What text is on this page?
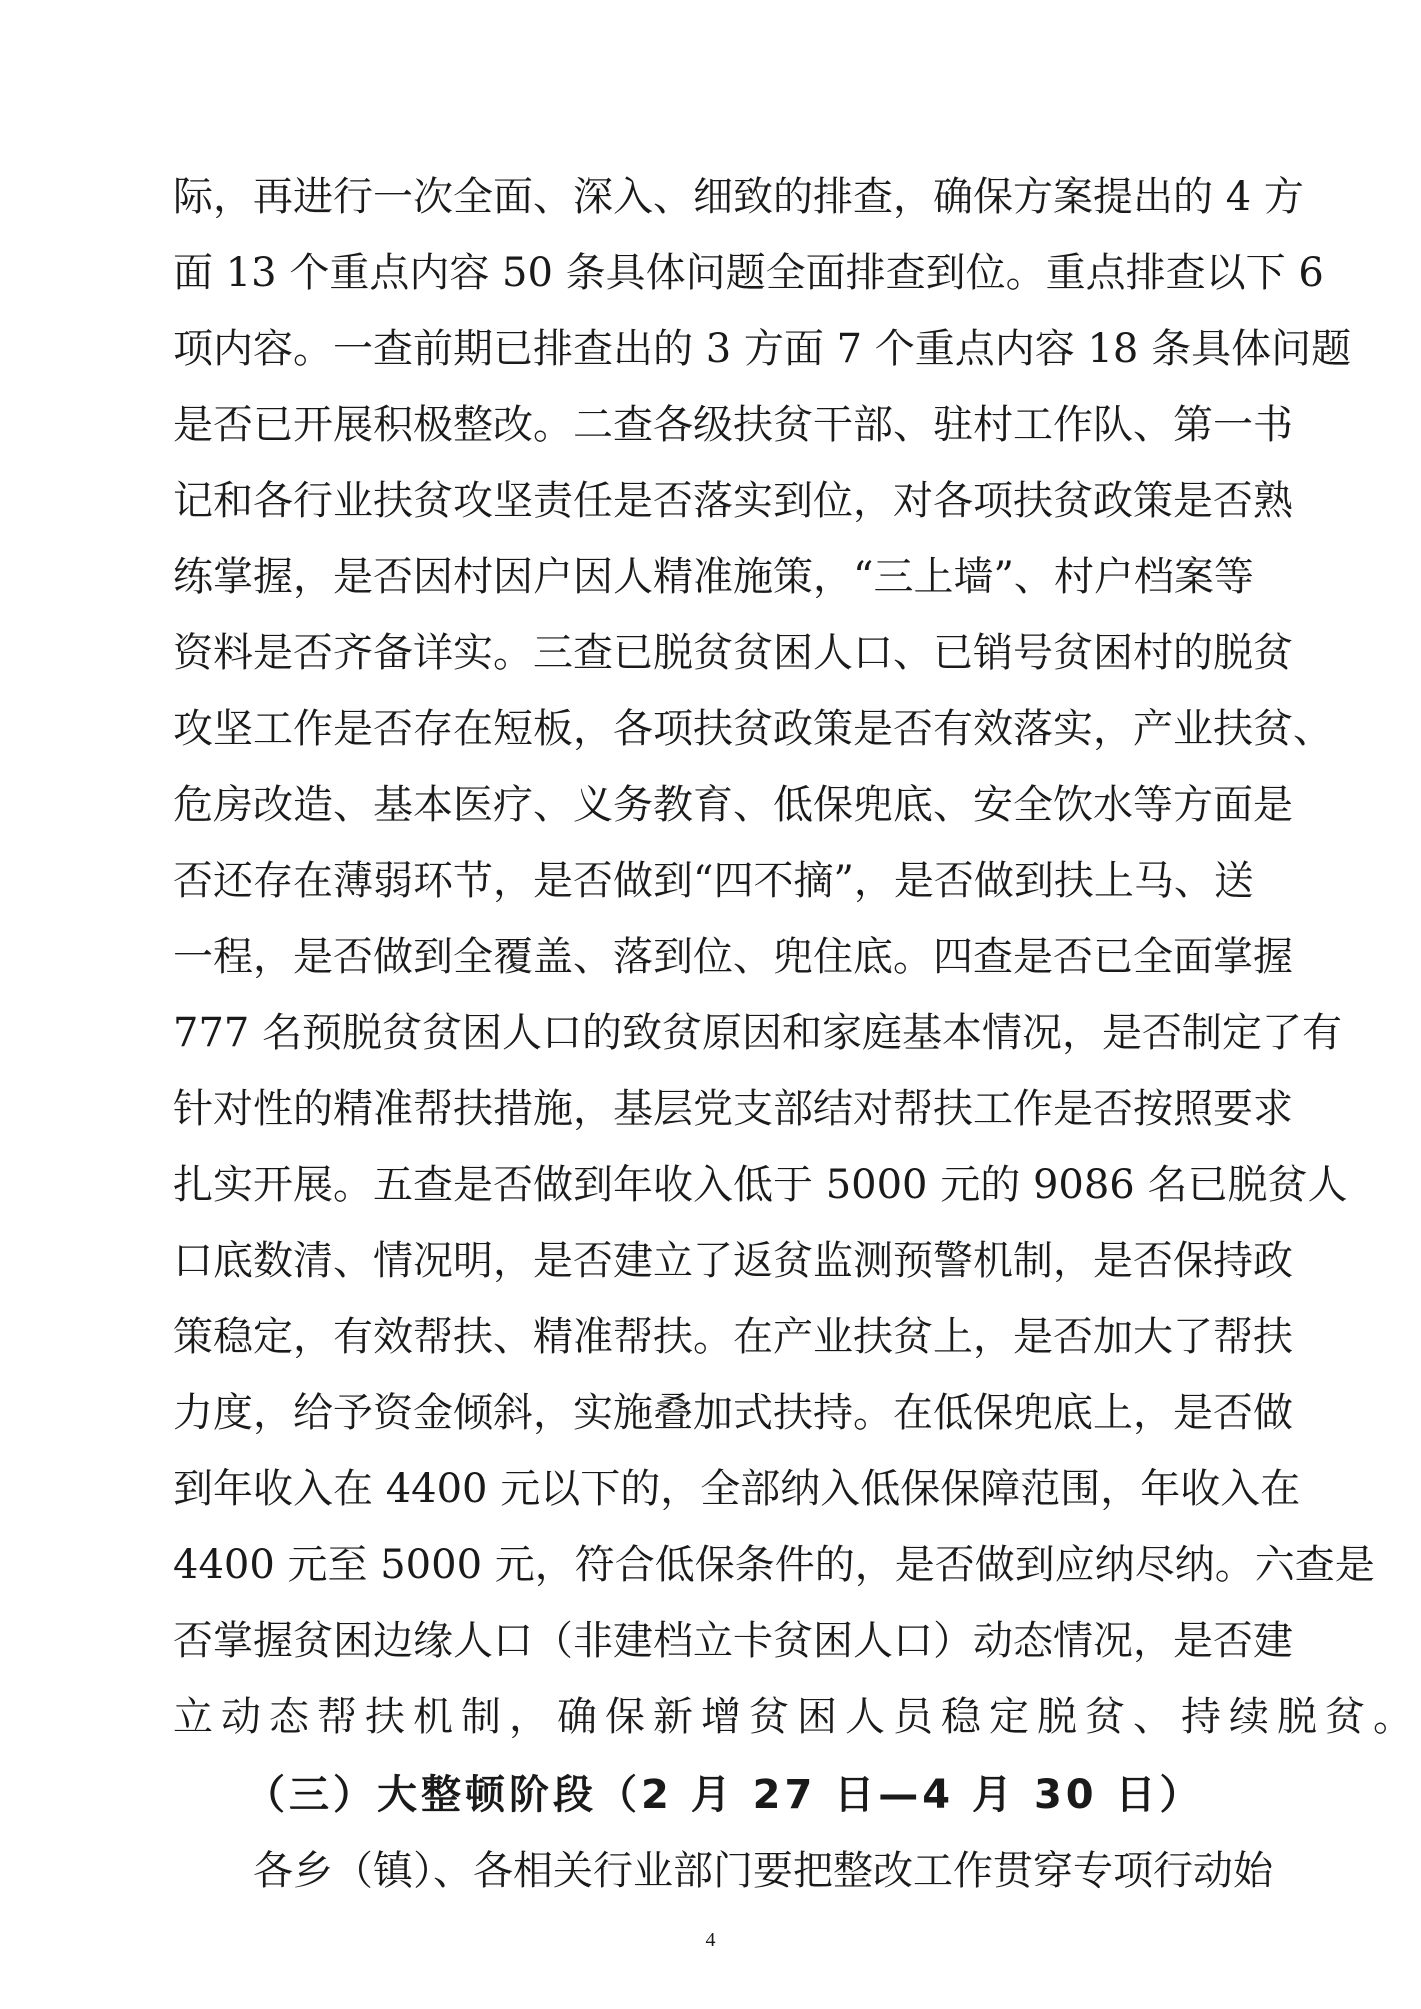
际，再进行一次全面、深入、细致的排查，确保方案提出的 4 方
面 13 个重点内容 50 条具体问题全面排查到位。重点排查以下 6
项内容。一查前期已排查出的 3 方面 7 个重点内容 18 条具体问题
是否已开展积极整改。二查各级扶贫干部、驻村工作队、第一书
记和各行业扶贫攻坚责任是否落实到位，对各项扶贫政策是否熟
练掌握，是否因村因户因人精准施策，“三上墙”、村户档案等
资料是否齐备详实。三查已脱贫贫困人口、已销号贫困村的脱贫
攻坚工作是否存在短板，各项扶贫政策是否有效落实，产业扶贫、
危房改造、基本医疗、义务教育、低保兜底、安全饮水等方面是
否还存在薄弱环节，是否做到“四不摘”，是否做到扶上马、送
一程，是否做到全覆盖、落到位、兜住底。四查是否已全面掌握
777 名预脱贫贫困人口的致贫原因和家庭基本情况，是否制定了有
针对性的精准帮扶措施，基层党支部结对帮扶工作是否按照要求
扎实开展。五查是否做到年收入低于 5000 元的 9086 名已脱贫人
口底数清、情况明，是否建立了返贫监测预警机制，是否保持政
策稳定，有效帮扶、精准帮扶。在产业扶贫上，是否加大了帮扶
力度，给予资金倾斜，实施叠加式扶持。在低保兜底上，是否做
到年收入在 4400 元以下的，全部纳入低保保障范围，年收入在
4400 元至 5000 元，符合低保条件的，是否做到应纳尽纳。六查是
否掌握贫困边缘人口（非建档立卡贫困人口）动态情况，是否建
立动态帮扶机制，确保新增贫困人员稳定脱贫、持续脱贫。
（三）大整顿阶段（2 月 27 日—4 月 30 日）
各乡（镇）、各相关行业部门要把整改工作贯穿专项行动始
4
